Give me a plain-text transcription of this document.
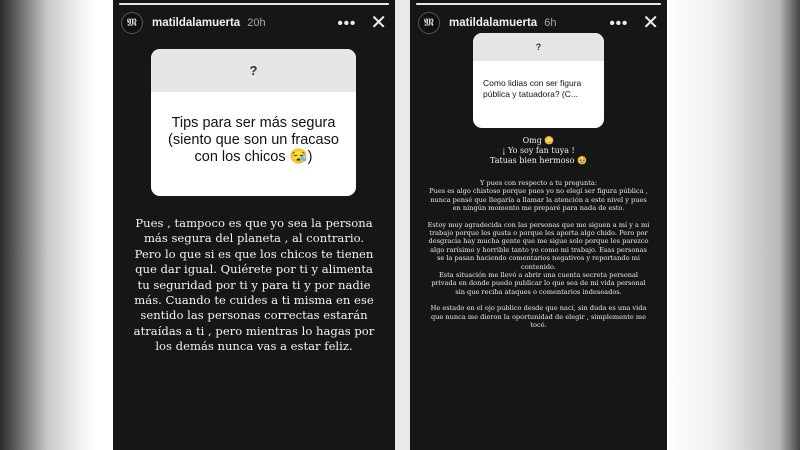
𝕸	matildalamuerta 20h	••• ✕
?
Tips para ser más segura (siento que son un fracaso con los chicos 😪)
Pues , tampoco es que yo sea la persona más segura del planeta , al contrario. Pero lo que si es que los chicos te tienen que dar igual. Quiérete por ti y alimenta tu seguridad por ti y para ti y por nadie más. Cuando te cuides a ti misma en ese sentido las personas correctas estarán atraídas a ti , pero mientras lo hagas por los demás nunca vas a estar feliz.
𝕸	matildalamuerta 6h	••• ✕
?
Como lidias con ser figura pública y tatuadora? (C...
Omg 😳
¡ Yo soy fan tuya !
Tatuas bien hermoso 🥹

Y pues con respecto a tu pregunta:
Pues es algo chistoso porque pues yo no elegí ser figura pública , nunca pensé que llegaría a llamar la atención a este nivel y pues en ningún momento me preparé para nada de esto.

Estoy muy agradecida con las personas que me siguen a mí y a mi trabajo porque les gusta o porque les aporta algo chido. Pero por desgracia hay mucha gente que me sigue solo porque les parezco algo rarísimo y horrible tanto yo como mi trabajo. Esas personas se la pasan haciendo comentarios negativos y reportando mi contenido.
Esta situación me llevó a abrir una cuenta secreta personal privada en donde puedo publicar lo que sea de mi vida personal sin que reciba ataques o comentarios indeseados.

He estado en el ojo publico desde que nací, sin duda es una vida que nunca me dieron la oportunidad de elegir , simplemente me tocó.
